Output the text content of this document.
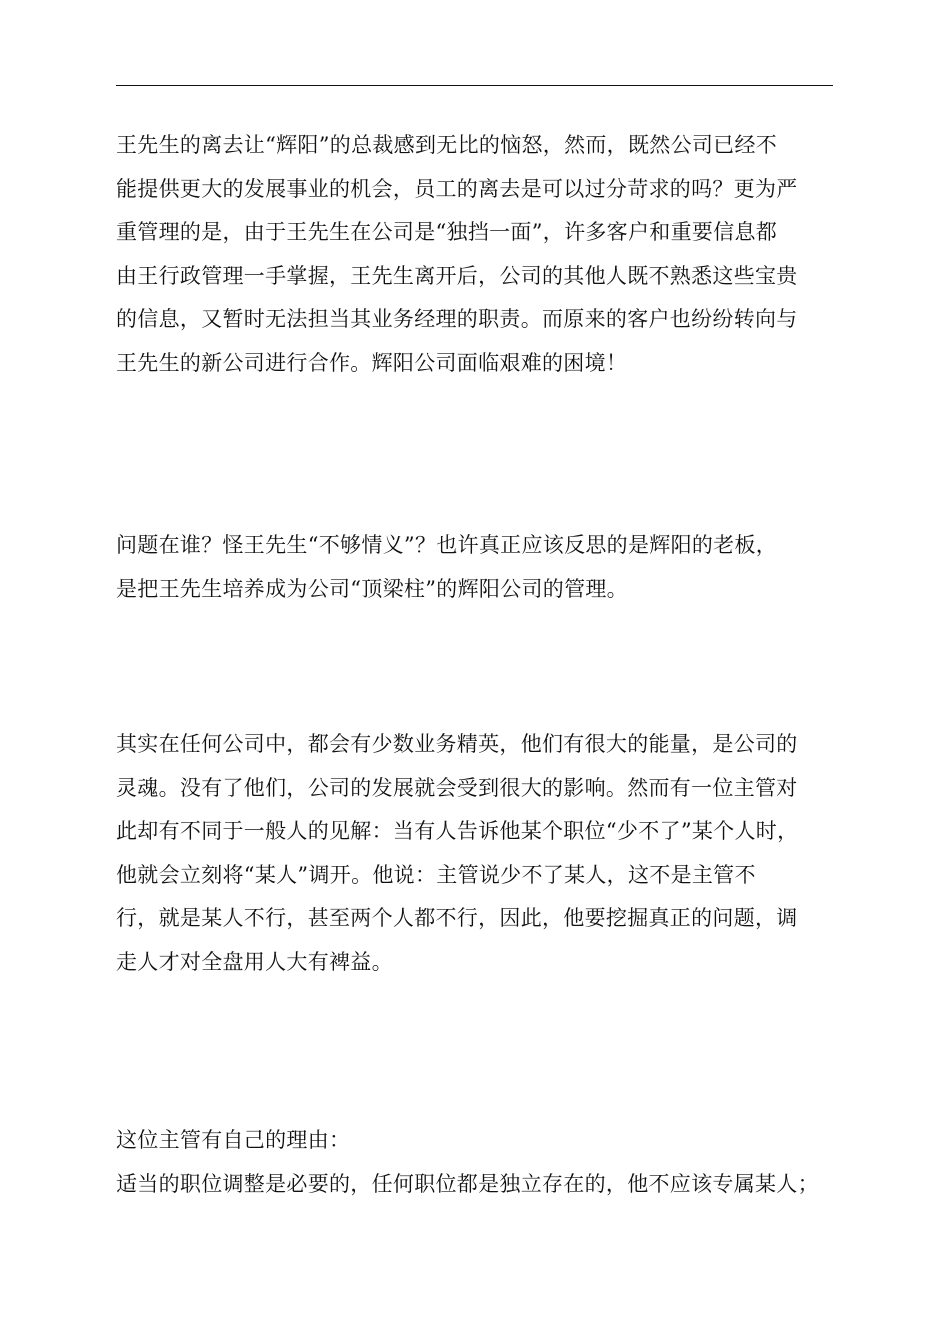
王先生的离去让“辉阳”的总裁感到无比的恼怒，然而，既然公司已经不
能提供更大的发展事业的机会，员工的离去是可以过分苛求的吗？更为严
重管理的是，由于王先生在公司是“独挡一面”，许多客户和重要信息都
由王行政管理一手掌握，王先生离开后，公司的其他人既不熟悉这些宝贵
的信息，又暂时无法担当其业务经理的职责。而原来的客户也纷纷转向与
王先生的新公司进行合作。辉阳公司面临艰难的困境！
问题在谁？怪王先生“不够情义”？也许真正应该反思的是辉阳的老板，
是把王先生培养成为公司“顶梁柱”的辉阳公司的管理。
其实在任何公司中，都会有少数业务精英，他们有很大的能量，是公司的
灵魂。没有了他们，公司的发展就会受到很大的影响。然而有一位主管对
此却有不同于一般人的见解：当有人告诉他某个职位“少不了”某个人时，
他就会立刻将“某人”调开。他说：主管说少不了某人，这不是主管不
行，就是某人不行，甚至两个人都不行，因此，他要挖掘真正的问题，调
走人才对全盘用人大有裨益。
这位主管有自己的理由：
适当的职位调整是必要的，任何职位都是独立存在的，他不应该专属某人；
